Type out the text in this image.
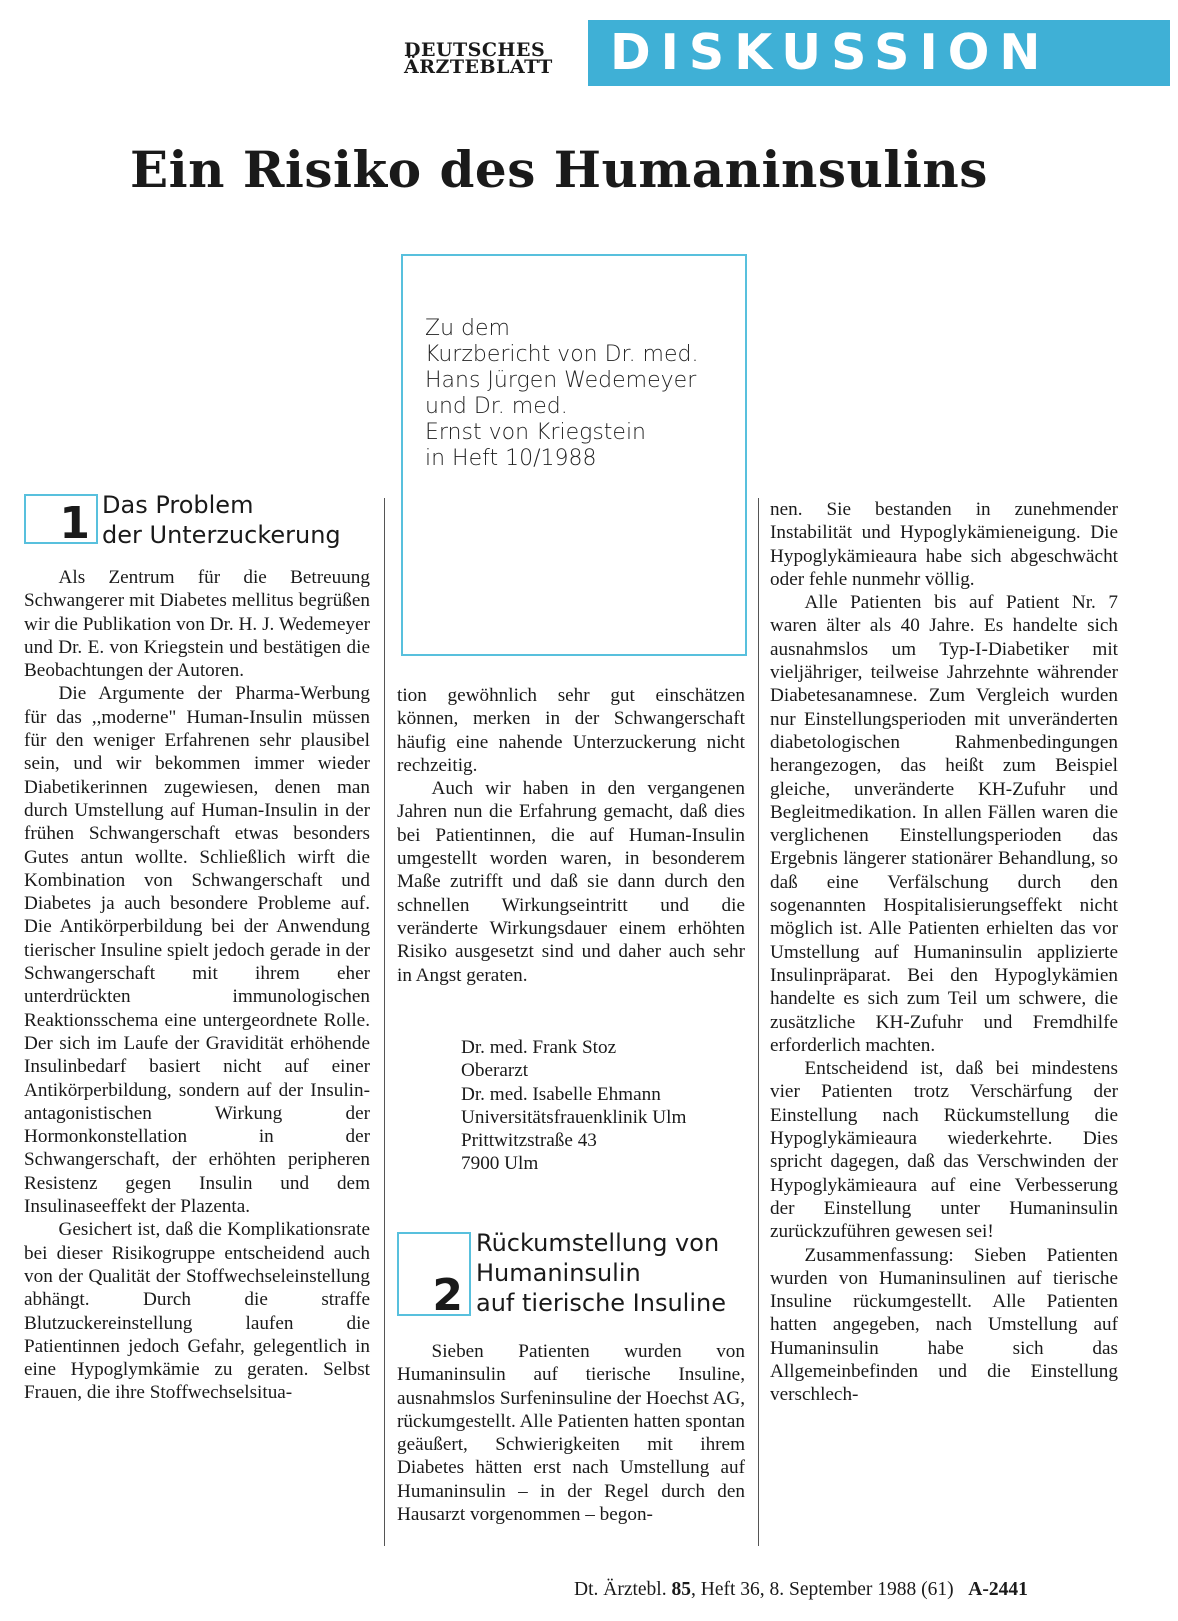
DEUTSCHES
ÄRZTEBLATT DISKUSSION
Ein Risiko des Humaninsulins
Zu dem
Kurzbericht von Dr. med.
Hans Jürgen Wedemeyer
und Dr. med.
Ernst von Kriegstein
in Heft 10/1988
1 Das Problem
der Unterzuckerung

Als Zentrum für die Betreuung Schwangerer mit Diabetes mellitus begrüßen wir die Publikation von Dr. H. J. Wedemeyer und Dr. E. von Kriegstein und bestätigen die Beobachtungen der Autoren.

Die Argumente der Pharma-Werbung für das ,,moderne" Human-Insulin müssen für den weniger Erfahrenen sehr plausibel sein, und wir bekommen immer wieder Diabetikerinnen zugewiesen, denen man durch Umstellung auf Human-Insulin in der frühen Schwangerschaft etwas besonders Gutes antun wollte. Schließlich wirft die Kombination von Schwangerschaft und Diabetes ja auch besondere Probleme auf. Die Antikörperbildung bei der Anwendung tierischer Insuline spielt jedoch gerade in der Schwangerschaft mit ihrem eher unterdrückten immunologischen Reaktionsschema eine untergeordnete Rolle. Der sich im Laufe der Gravidität erhöhende Insulinbedarf basiert nicht auf einer Antikörperbildung, sondern auf der Insulin-antagonistischen Wirkung der Hormonkonstellation in der Schwangerschaft, der erhöhten peripheren Resistenz gegen Insulin und dem Insulinaseeffekt der Plazenta.

Gesichert ist, daß die Komplikationsrate bei dieser Risikogruppe entscheidend auch von der Qualität der Stoffwechseleinstellung abhängt. Durch die straffe Blutzuckereinstellung laufen die Patientinnen jedoch Gefahr, gelegentlich in eine Hypoglymkämie zu geraten. Selbst Frauen, die ihre Stoffwechselsitua-

tion gewöhnlich sehr gut einschätzen können, merken in der Schwangerschaft häufig eine nahende Unterzuckerung nicht rechzeitig.

Auch wir haben in den vergangenen Jahren nun die Erfahrung gemacht, daß dies bei Patientinnen, die auf Human-Insulin umgestellt worden waren, in besonderem Maße zutrifft und daß sie dann durch den schnellen Wirkungseintritt und die veränderte Wirkungsdauer einem erhöhten Risiko ausgesetzt sind und daher auch sehr in Angst geraten.

Dr. med. Frank Stoz
Oberarzt
Dr. med. Isabelle Ehmann
Universitätsfrauenklinik Ulm
Prittwitzstraße 43
7900 Ulm
2
Rückumstellung von
Humaninsulin
auf tierische Insuline

Sieben Patienten wurden von Humaninsulin auf tierische Insuline, ausnahmslos Surfeninsuline der Hoechst AG, rückumgestellt. Alle Patienten hatten spontan geäußert, Schwierigkeiten mit ihrem Diabetes hätten erst nach Umstellung auf Humaninsulin – in der Regel durch den Hausarzt vorgenommen – begon-

nen. Sie bestanden in zunehmender Instabilität und Hypoglykämieneigung. Die Hypoglykämieaura habe sich abgeschwächt oder fehle nunmehr völlig.

Alle Patienten bis auf Patient Nr. 7 waren älter als 40 Jahre. Es handelte sich ausnahmslos um Typ-I-Diabetiker mit vieljähriger, teilweise Jahrzehnte währender Diabetesanamnese. Zum Vergleich wurden nur Einstellungsperioden mit unveränderten diabetologischen Rahmenbedingungen herangezogen, das heißt zum Beispiel gleiche, unveränderte KH-Zufuhr und Begleitmedikation. In allen Fällen waren die verglichenen Einstellungsperioden das Ergebnis längerer stationärer Behandlung, so daß eine Verfälschung durch den sogenannten Hospitalisierungseffekt nicht möglich ist. Alle Patienten erhielten das vor Umstellung auf Humaninsulin applizierte Insulinpräparat. Bei den Hypoglykämien handelte es sich zum Teil um schwere, die zusätzliche KH-Zufuhr und Fremdhilfe erforderlich machten.

Entscheidend ist, daß bei mindestens vier Patienten trotz Verschärfung der Einstellung nach Rückumstellung die Hypoglykämieaura wiederkehrte. Dies spricht dagegen, daß das Verschwinden der Hypoglykämieaura auf eine Verbesserung der Einstellung unter Humaninsulin zurückzuführen gewesen sei!

Zusammenfassung: Sieben Patienten wurden von Humaninsulinen auf tierische Insuline rückumgestellt. Alle Patienten hatten angegeben, nach Umstellung auf Humaninsulin habe sich das Allgemeinbefinden und die Einstellung verschlech-

Dt. Ärztebl. 85, Heft 36, 8. September 1988 (61) A-2441
